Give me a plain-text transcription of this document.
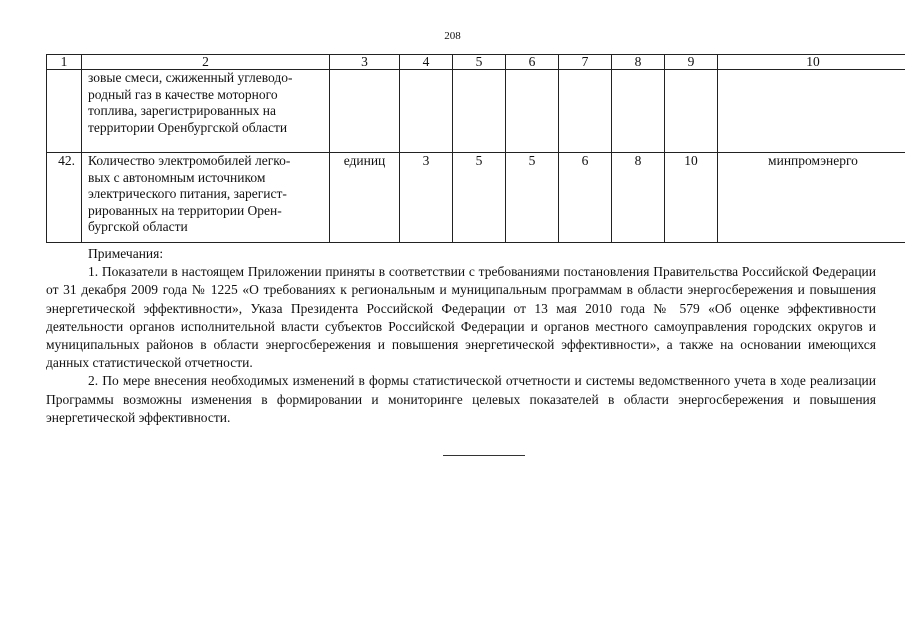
208
1	2	3	4	5	6	7	8	9	10
	зовые смеси, сжиженный углеводо-
родный газ в качестве моторного
топлива, зарегистрированных на
территории Оренбургской области								
42.	Количество электромобилей легко-
вых с автономным источником
электрического питания, зарегист-
рированных на территории Орен-
бургской области	единиц	3	5	5	6	8	10	минпромэнерго
Примечания:

1. Показатели в настоящем Приложении приняты в соответствии с требованиями постановления Правительства Российской Федерации от 31 декабря 2009 года № 1225 «О требованиях к региональным и муниципальным программам в области энергосбережения и повышения энергетической эффективности», Указа Президента Российской Федерации от 13 мая 2010 года № 579 «Об оценке эффективности деятельности органов исполнительной власти субъектов Российской Федерации и органов местного самоуправления городских округов и муниципальных районов в области энергосбережения и повышения энергетической эффективности», а также на основании имеющихся данных статистической отчетности.

2. По мере внесения необходимых изменений в формы статистической отчетности и системы ведомственного учета в ходе реализации Программы возможны изменения в формировании и мониторинге целевых показателей в области энергосбережения и повышения энергетической эффективности.
